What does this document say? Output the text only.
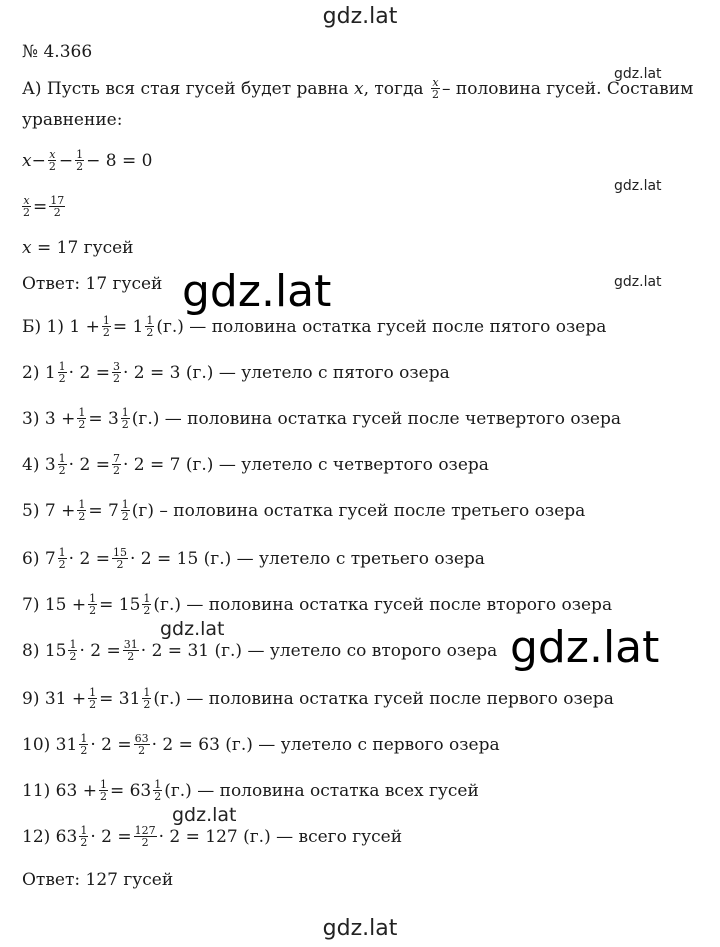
gdz.lat
gdz.lat
gdz.lat
gdz.lat
gdz.lat
gdz.lat	gdz.lat
gdz.lat
gdz.lat
№ 4.366
А) Пусть вся стая гусей будет равна
x , тогда
x
2 – половина гусей. Составим
уравнение:
$x - \frac{x}{2} - \frac{1}{2} - 8 = 0$
$\frac{x}{2} = \frac{17}{2}$
x = 17 гусей
Ответ: 17 гусей
Б) 1) $1 + \frac{1}{2} = 1$ 1
2 (г.) — половина остатка гусей после пятого озера
2) 1 1
$2 \cdot 2 = \frac{3}{2} \cdot 2 = 3$ (г.) — улетело с пятого озера
3) $3 + \frac{1}{2} = 3$ 1
2 (г.) — половина остатка гусей после четвертого озера
4) 3 1
$2 \cdot 2 = \frac{7}{2} \cdot 2 = 7$ (г.) — улетело с четвертого озера
5) $7 + \frac{1}{2} = 7$ 1
2 (г) – половина остатка гусей после третьего озера
6) 7 1
$2 \cdot 2 = \frac{15}{2} \cdot 2 = 15$ (г.) — улетело с третьего озера
7) $15 + \frac{1}{2} = 15$ 1
2 (г.) — половина остатка гусей после второго озера
8) 15 1
$2 \cdot 2 = \frac{31}{2} \cdot 2 = 31$ (г.) — улетело со второго озера
9) $31 + \frac{1}{2} = 31$ 1
2 (г.) — половина остатка гусей после первого озера
10) 31 1
$2 \cdot 2 = \frac{63}{2} \cdot 2 = 63$ (г.) — улетело с первого озера
11) $63 + \frac{1}{2} = 63$ 1
2 (г.) — половина остатка всех гусей
12) 63 1
$2 \cdot 2 = \frac{127}{2} \cdot 2 = 127$ (г.) — всего гусей
Ответ: 127 гусей
